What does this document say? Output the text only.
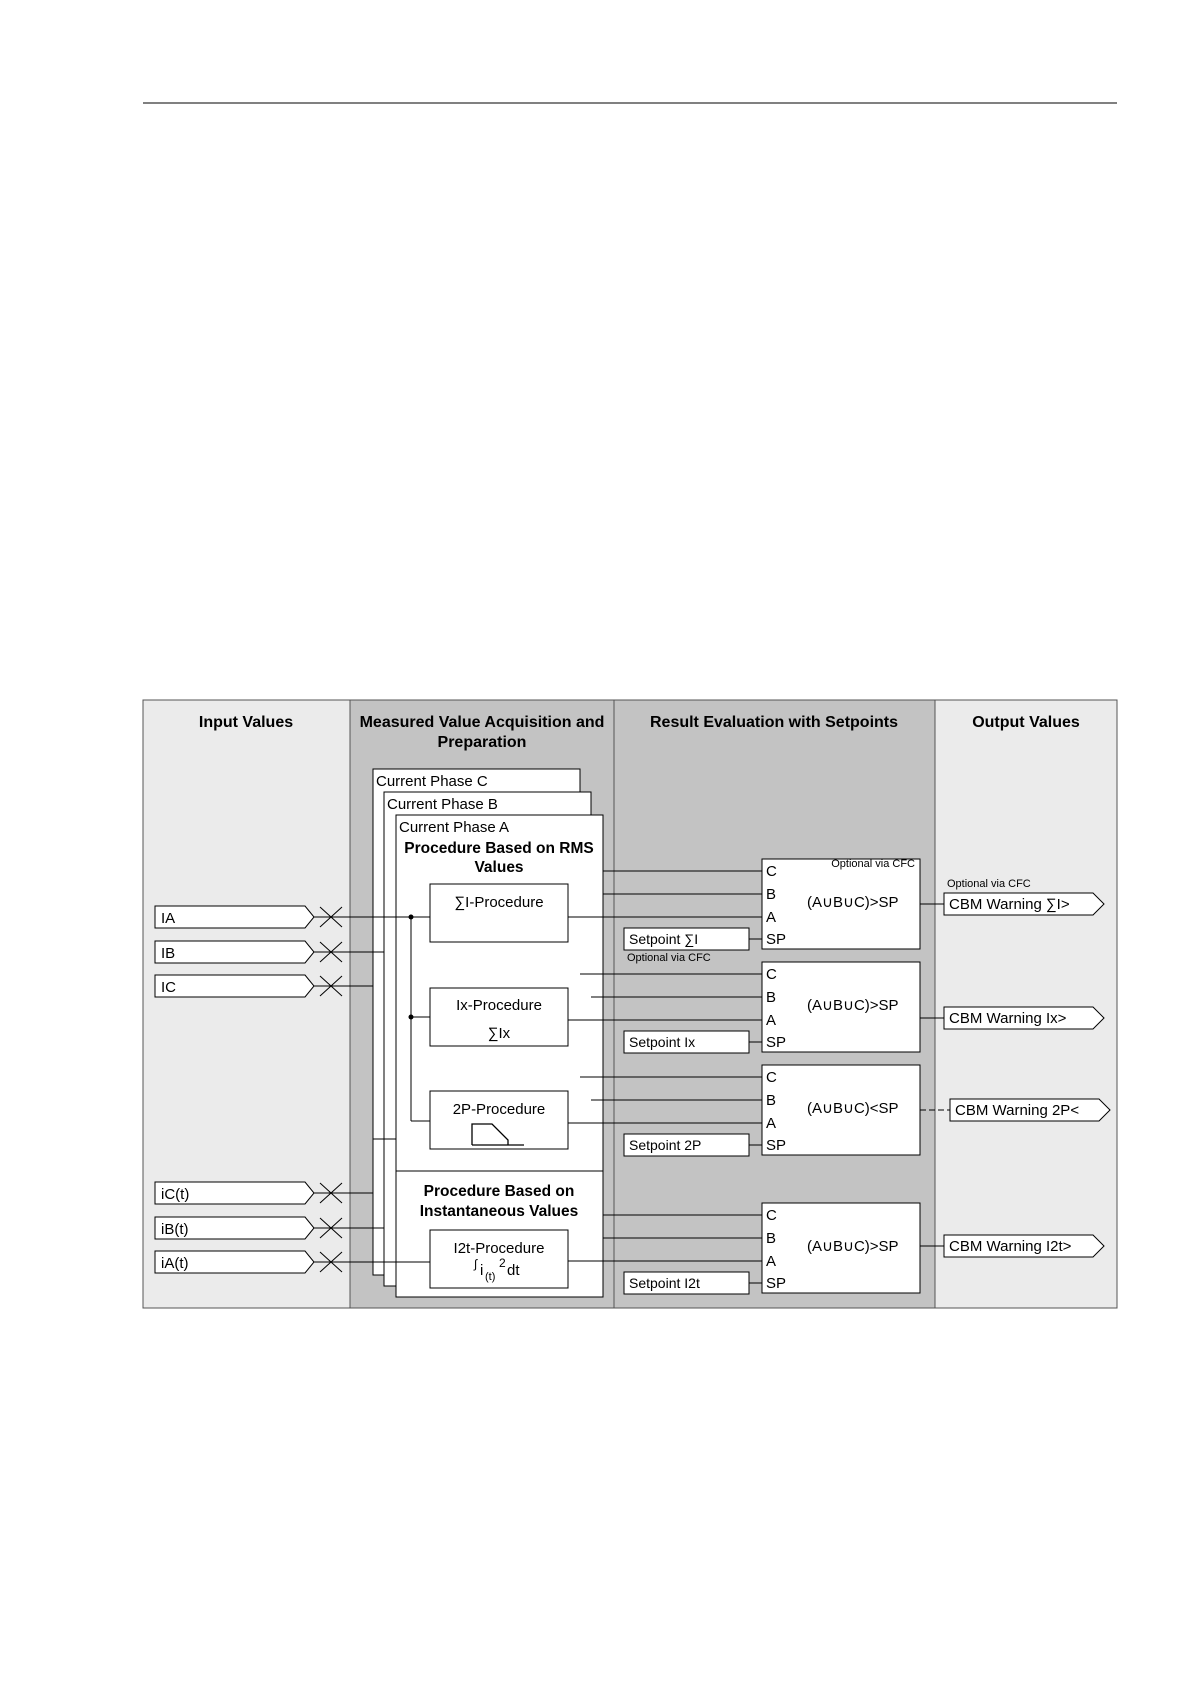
Input Values	Measured Value Acquisition and
Preparation
Result Evaluation with Setpoints	Output Values
Current Phase C
Current Phase B
Current Phase A
Procedure Based on RMS
Values
Procedure Based on
Instantaneous Values
∑I-Procedure
Ix-Procedure
∑Ix
2P-Procedure
I2t-Procedure
∫ i (t)
2 dt
IA
IB
IC
iC(t)
iB(t)
iA(t)
C
B
A
SP
(A∪B∪C)>SP
Optional via CFC
C
B
A
SP
(A∪B∪C)>SP
C
B
A
SP
(A∪B∪C)<SP
C
B
A
SP
(A∪B∪C)>SP
Setpoint ∑I
Optional via CFC
Setpoint Ix
Setpoint 2P
Setpoint I2t
Optional via CFC
CBM Warning ∑I>
CBM Warning Ix>
CBM Warning 2P<
CBM Warning I2t>
